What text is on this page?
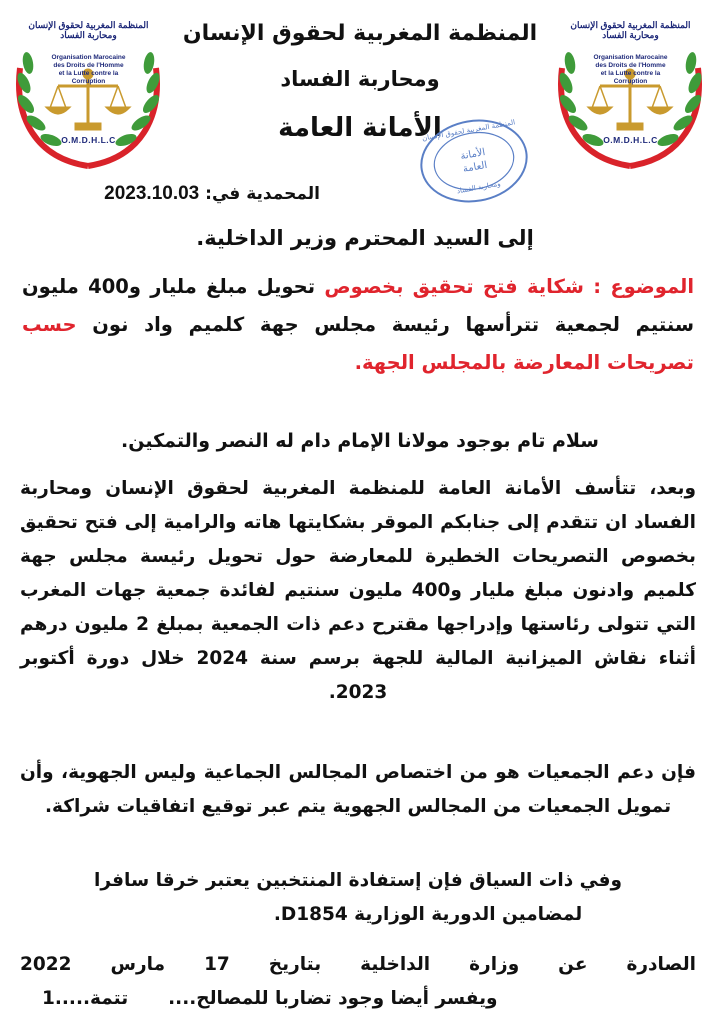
المنظمة المغربية لحقوق الإنسان
ومحاربة الفساد
Organisation Marocaine des Droits de l'Homme
et la Lutte contre la Corruption
O.M.D.H.L.C
المنظمة المغربية لحقوق الإنسان
ومحاربة الفساد
Organisation Marocaine des Droits de l'Homme
et la Lutte contre la Corruption
O.M.D.H.L.C
المنظمة المغربية لحقوق الإنسان
ومحاربة الفساد
الأمانة العامة
المنظمة المغربية لحقوق الإنسان
الأمانة
العامة
ومحاربة الفساد
المحمدية في: 2023.10.03
إلى السيد المحترم وزير الداخلية.
الموضوع : شكاية فتح تحقيق بخصوص تحويل مبلغ مليار و400 مليون سنتيم لجمعية تترأسها رئيسة مجلس جهة كلميم واد نون حسب تصريحات المعارضة بالمجلس الجهة.
سلام تام بوجود مولانا الإمام دام له النصر والتمكين.
وبعد، تتأسف الأمانة العامة للمنظمة المغربية لحقوق الإنسان ومحاربة الفساد ان تتقدم إلى جنابكم الموقر بشكايتها هاته والرامية إلى فتح تحقيق بخصوص التصريحات الخطيرة للمعارضة حول تحويل رئيسة مجلس جهة كلميم وادنون مبلغ مليار و400 مليون سنتيم لفائدة جمعية جهات المغرب التي تتولى رئاستها وإدراجها مقترح دعم ذات الجمعية بمبلغ 2 مليون درهم أثناء نقاش الميزانية المالية للجهة برسم سنة 2024 خلال دورة أكتوبر 2023.
فإن دعم الجمعيات هو من اختصاص المجالس الجماعية وليس الجهوية، وأن تمويل الجمعيات من المجالس الجهوية يتم عبر توقيع اتفاقيات شراكة.
وفي ذات السياق فإن إستفادة المنتخبين يعتبر خرقا سافرا
لمضامين الدورية الوزارية D1854.
الصادرة عن وزارة الداخلية بتاريخ 17 مارس 2022
ويفسر أيضا وجود تضاربا للمصالح....تتمة.....1
